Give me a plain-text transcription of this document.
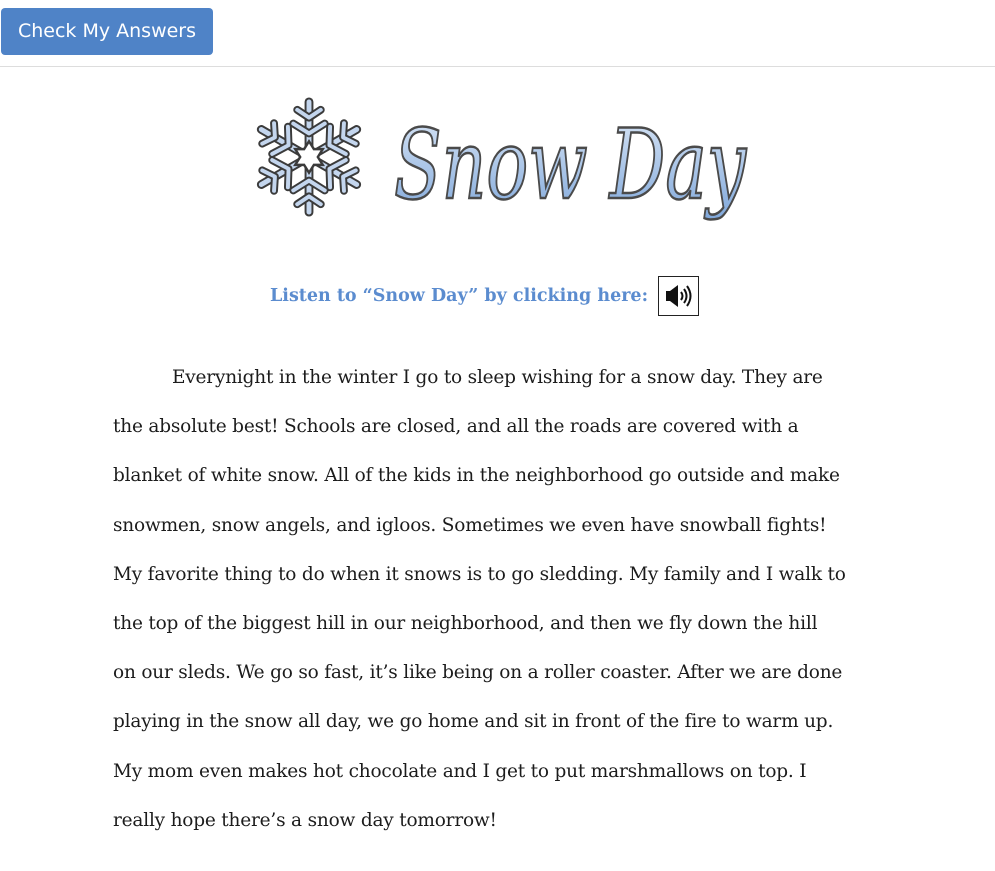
Check My Answers
Snow Day
Listen to “Snow Day” by clicking here:
Everynight in the winter I go to sleep wishing for a snow day. They are
the absolute best! Schools are closed, and all the roads are covered with a
blanket of white snow. All of the kids in the neighborhood go outside and make
snowmen, snow angels, and igloos. Sometimes we even have snowball fights!
My favorite thing to do when it snows is to go sledding. My family and I walk to
the top of the biggest hill in our neighborhood, and then we fly down the hill
on our sleds. We go so fast, it’s like being on a roller coaster. After we are done
playing in the snow all day, we go home and sit in front of the fire to warm up.
My mom even makes hot chocolate and I get to put marshmallows on top. I
really hope there’s a snow day tomorrow!
